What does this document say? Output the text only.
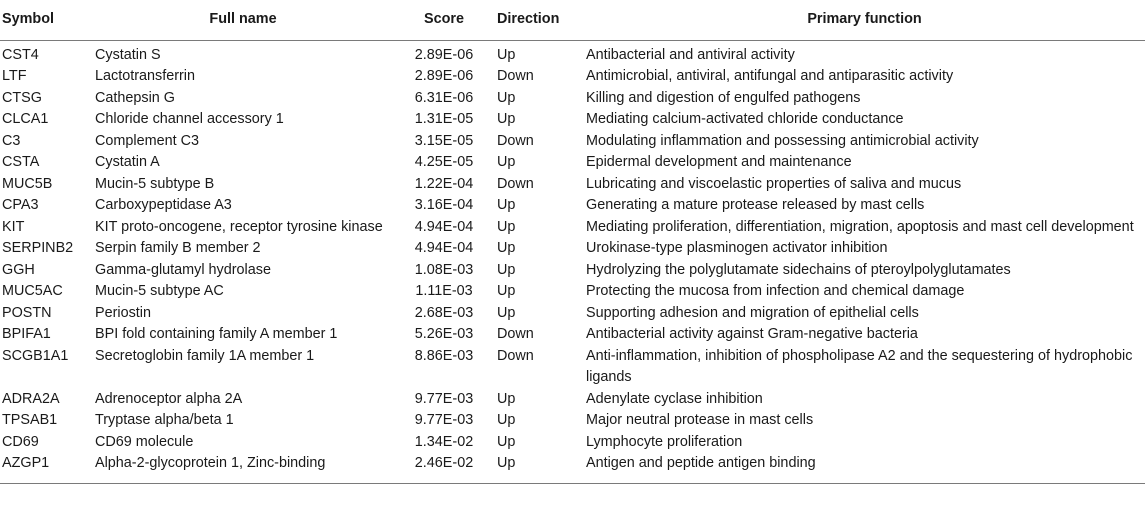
Symbol	Full name	Score	Direction	Primary function
CST4	Cystatin S	2.89E-06	Up	Antibacterial and antiviral activity
LTF	Lactotransferrin	2.89E-06	Down	Antimicrobial, antiviral, antifungal and antiparasitic activity
CTSG	Cathepsin G	6.31E-06	Up	Killing and digestion of engulfed pathogens
CLCA1	Chloride channel accessory 1	1.31E-05	Up	Mediating calcium-activated chloride conductance
C3	Complement C3	3.15E-05	Down	Modulating inflammation and possessing antimicrobial activity
CSTA	Cystatin A	4.25E-05	Up	Epidermal development and maintenance
MUC5B	Mucin-5 subtype B	1.22E-04	Down	Lubricating and viscoelastic properties of saliva and mucus
CPA3	Carboxypeptidase A3	3.16E-04	Up	Generating a mature protease released by mast cells
KIT	KIT proto-oncogene, receptor tyrosine kinase	4.94E-04	Up	Mediating proliferation, differentiation, migration, apoptosis and mast cell development
SERPINB2	Serpin family B member 2	4.94E-04	Up	Urokinase-type plasminogen activator inhibition
GGH	Gamma-glutamyl hydrolase	1.08E-03	Up	Hydrolyzing the polyglutamate sidechains of pteroylpolyglutamates
MUC5AC	Mucin-5 subtype AC	1.11E-03	Up	Protecting the mucosa from infection and chemical damage
POSTN	Periostin	2.68E-03	Up	Supporting adhesion and migration of epithelial cells
BPIFA1	BPI fold containing family A member 1	5.26E-03	Down	Antibacterial activity against Gram-negative bacteria
SCGB1A1	Secretoglobin family 1A member 1	8.86E-03	Down	Anti-inflammation, inhibition of phospholipase A2 and the sequestering of hydrophobic ligands
ADRA2A	Adrenoceptor alpha 2A	9.77E-03	Up	Adenylate cyclase inhibition
TPSAB1	Tryptase alpha/beta 1	9.77E-03	Up	Major neutral protease in mast cells
CD69	CD69 molecule	1.34E-02	Up	Lymphocyte proliferation
AZGP1	Alpha-2-glycoprotein 1, Zinc-binding	2.46E-02	Up	Antigen and peptide antigen binding
